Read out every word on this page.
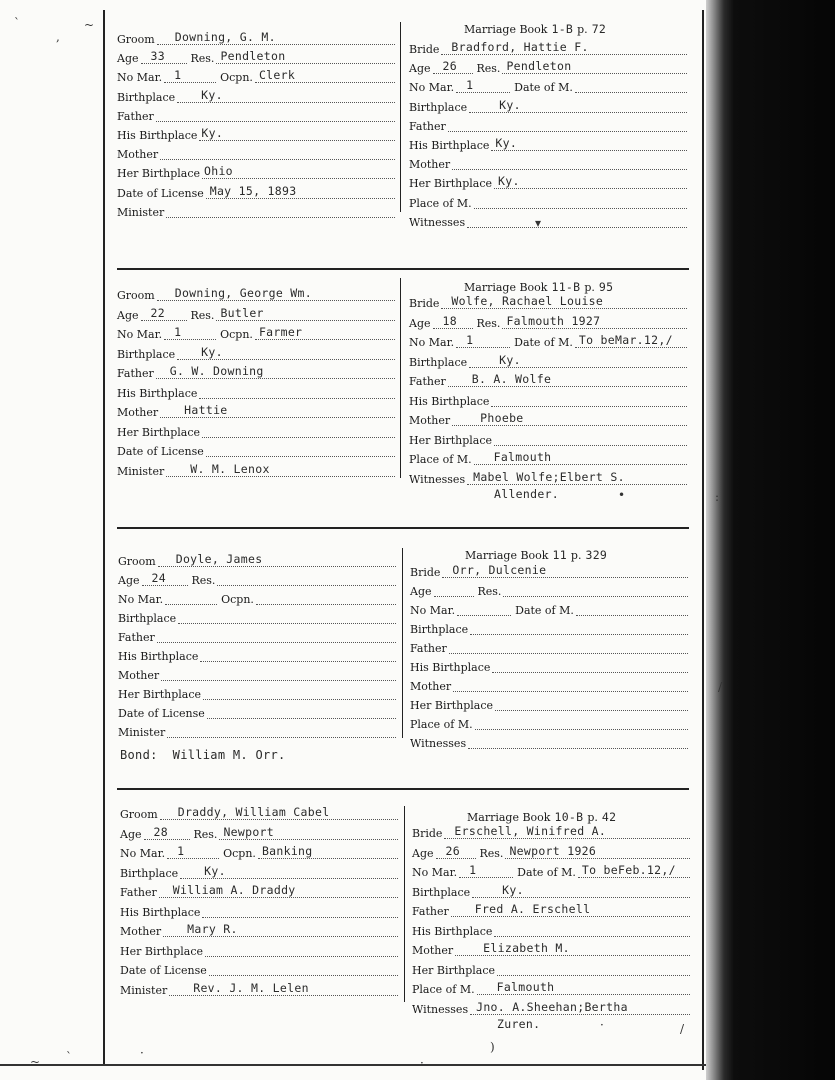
Marriage Book 1-B p. 72
Groom Downing, G. M.
Age 33 Res. Pendleton
No Mar. 1	Ocpn. Clerk
Birthplace Ky.
Father
His Birthplace Ky.
Mother
Her Birthplace Ohio
Date of License May 15, 1893
Minister
Bride Bradford, Hattie F.
Age 26 Res. Pendleton
No Mar. 1	Date of M.
Birthplace	Ky.
Father
His Birthplace Ky.
Mother
Her Birthplace Ky.
Place of M.
Witnesses
Marriage Book 11-B p. 95
Groom Downing, George Wm.
Age 22 Res. Butler
No Mar. 1	Ocpn. Farmer
Birthplace Ky.
Father G. W. Downing
His Birthplace
Mother Hattie
Her Birthplace
Date of License
Minister W. M. Lenox
Bride Wolfe, Rachael Louise
Age 18 Res. Falmouth 1927
No Mar. 1	Date of M. To beMar.12,/
Birthplace	Ky.
Father B. A. Wolfe
His Birthplace
Mother	Phoebe
Her Birthplace
Place of M. Falmouth
Witnesses Mabel Wolfe;Elbert S.
Allender.
Marriage Book 11 p. 329
Groom Doyle, James
Age 24 Res.
No Mar.	Ocpn.
Birthplace
Father
His Birthplace
Mother
Her Birthplace
Date of License
Minister
Bride Orr, Dulcenie
Age	Res.
No Mar.	Date of M.
Birthplace
Father
His Birthplace
Mother
Her Birthplace
Place of M.
Witnesses
Bond:  William M. Orr.
Marriage Book 10-B p. 42
Groom Draddy, William Cabel
Age 28 Res. Newport
No Mar. 1	Ocpn. Banking
Birthplace Ky.
Father William A. Draddy
His Birthplace
Mother Mary R.
Her Birthplace
Date of License
Minister Rev. J. M. Lelen
Bride Erschell, Winifred A.
Age 26 Res. Newport 1926
No Mar. 1	Date of M. To beFeb.12,/
Birthplace	Ky.
Father Fred A. Erschell
His Birthplace
Mother	Elizabeth M.
Her Birthplace
Place of M. Falmouth
Witnesses Jno. A.Sheehan;Bertha
Zuren.
`
,
~
~ `	·
·
)
·	/
:
/
▾
•
